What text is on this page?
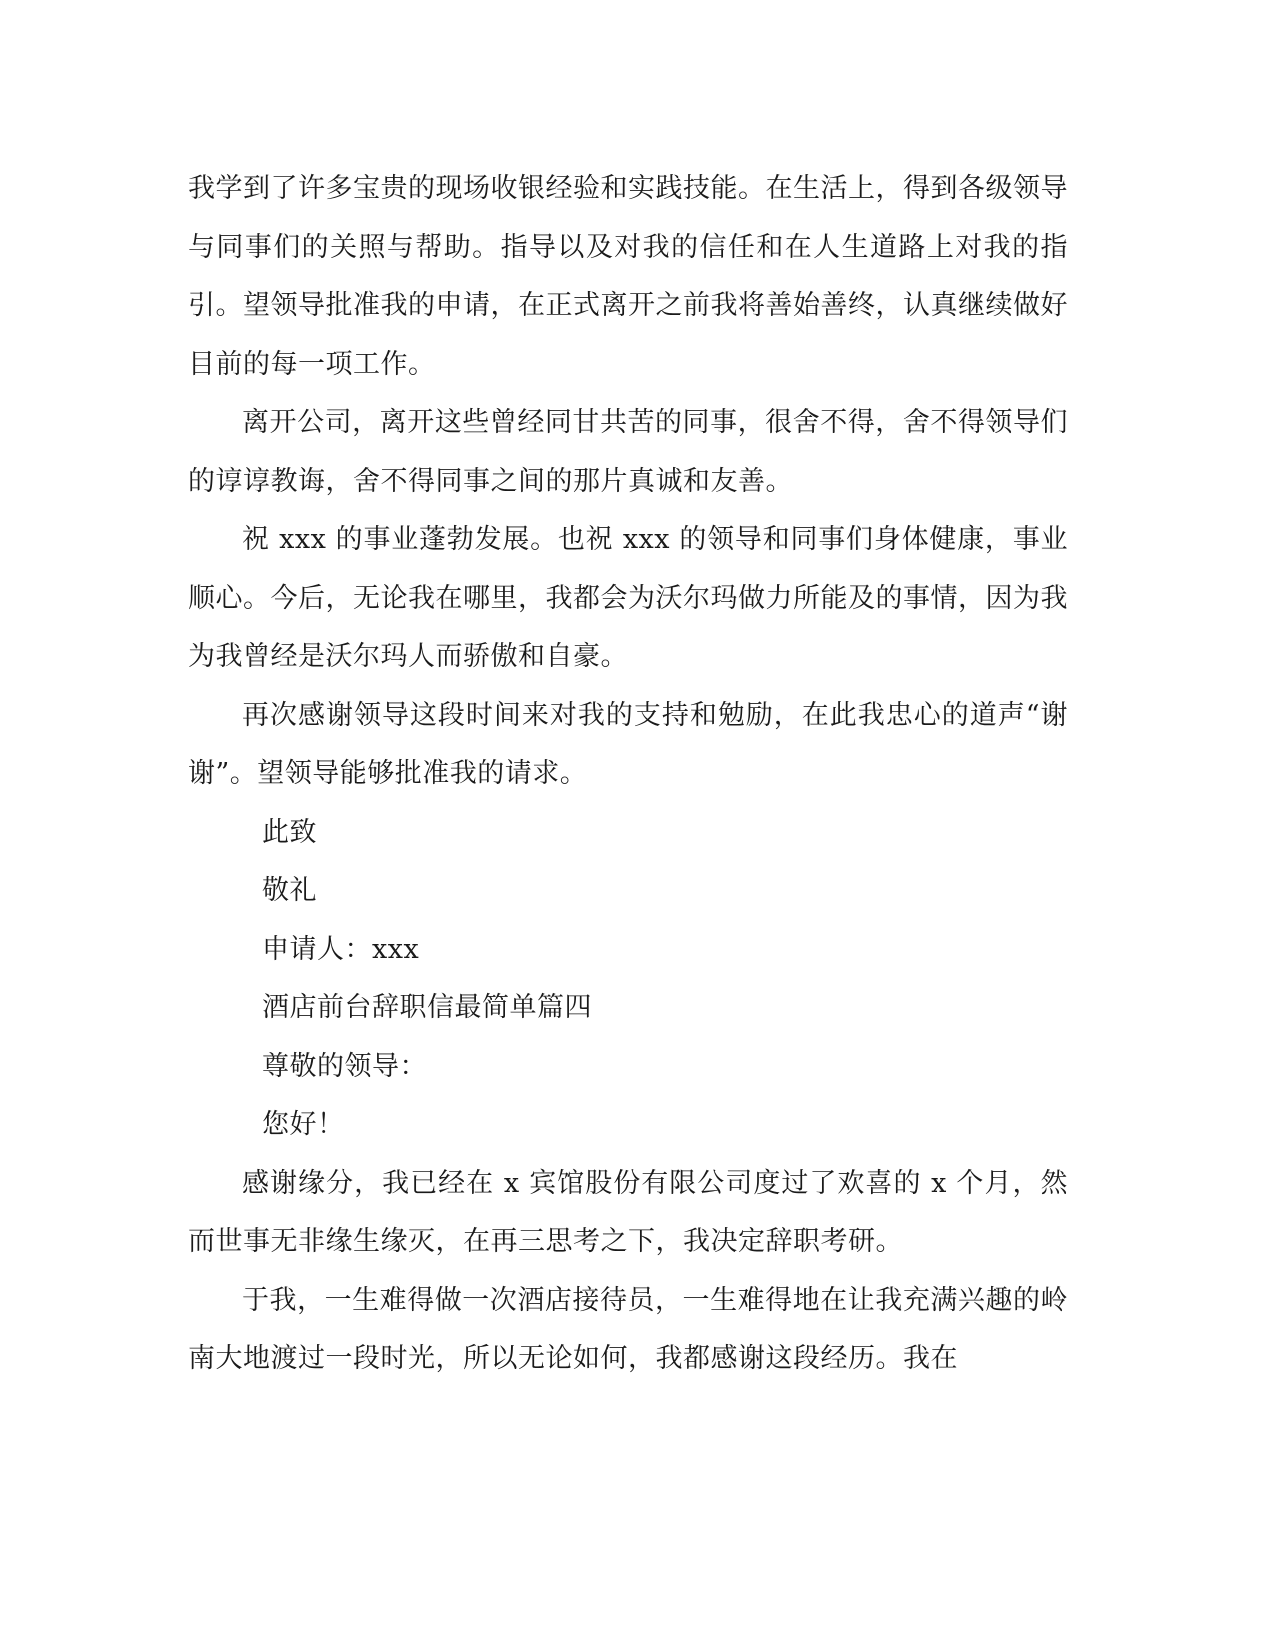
我学到了许多宝贵的现场收银经验和实践技能。在生活上，得到各级领导与同事们的关照与帮助。指导以及对我的信任和在人生道路上对我的指引。望领导批准我的申请，在正式离开之前我将善始善终，认真继续做好目前的每一项工作。

离开公司，离开这些曾经同甘共苦的同事，很舍不得，舍不得领导们的谆谆教诲，舍不得同事之间的那片真诚和友善。

祝 xxx 的事业蓬勃发展。也祝 xxx 的领导和同事们身体健康，事业顺心。今后，无论我在哪里，我都会为沃尔玛做力所能及的事情，因为我为我曾经是沃尔玛人而骄傲和自豪。

再次感谢领导这段时间来对我的支持和勉励，在此我忠心的道声“谢谢”。望领导能够批准我的请求。

此致

敬礼

申请人：xxx

酒店前台辞职信最简单篇四

尊敬的领导：

您好！

感谢缘分，我已经在 x 宾馆股份有限公司度过了欢喜的 x 个月，然而世事无非缘生缘灭，在再三思考之下，我决定辞职考研。

于我，一生难得做一次酒店接待员，一生难得地在让我充满兴趣的岭南大地渡过一段时光，所以无论如何，我都感谢这段经历。我在
